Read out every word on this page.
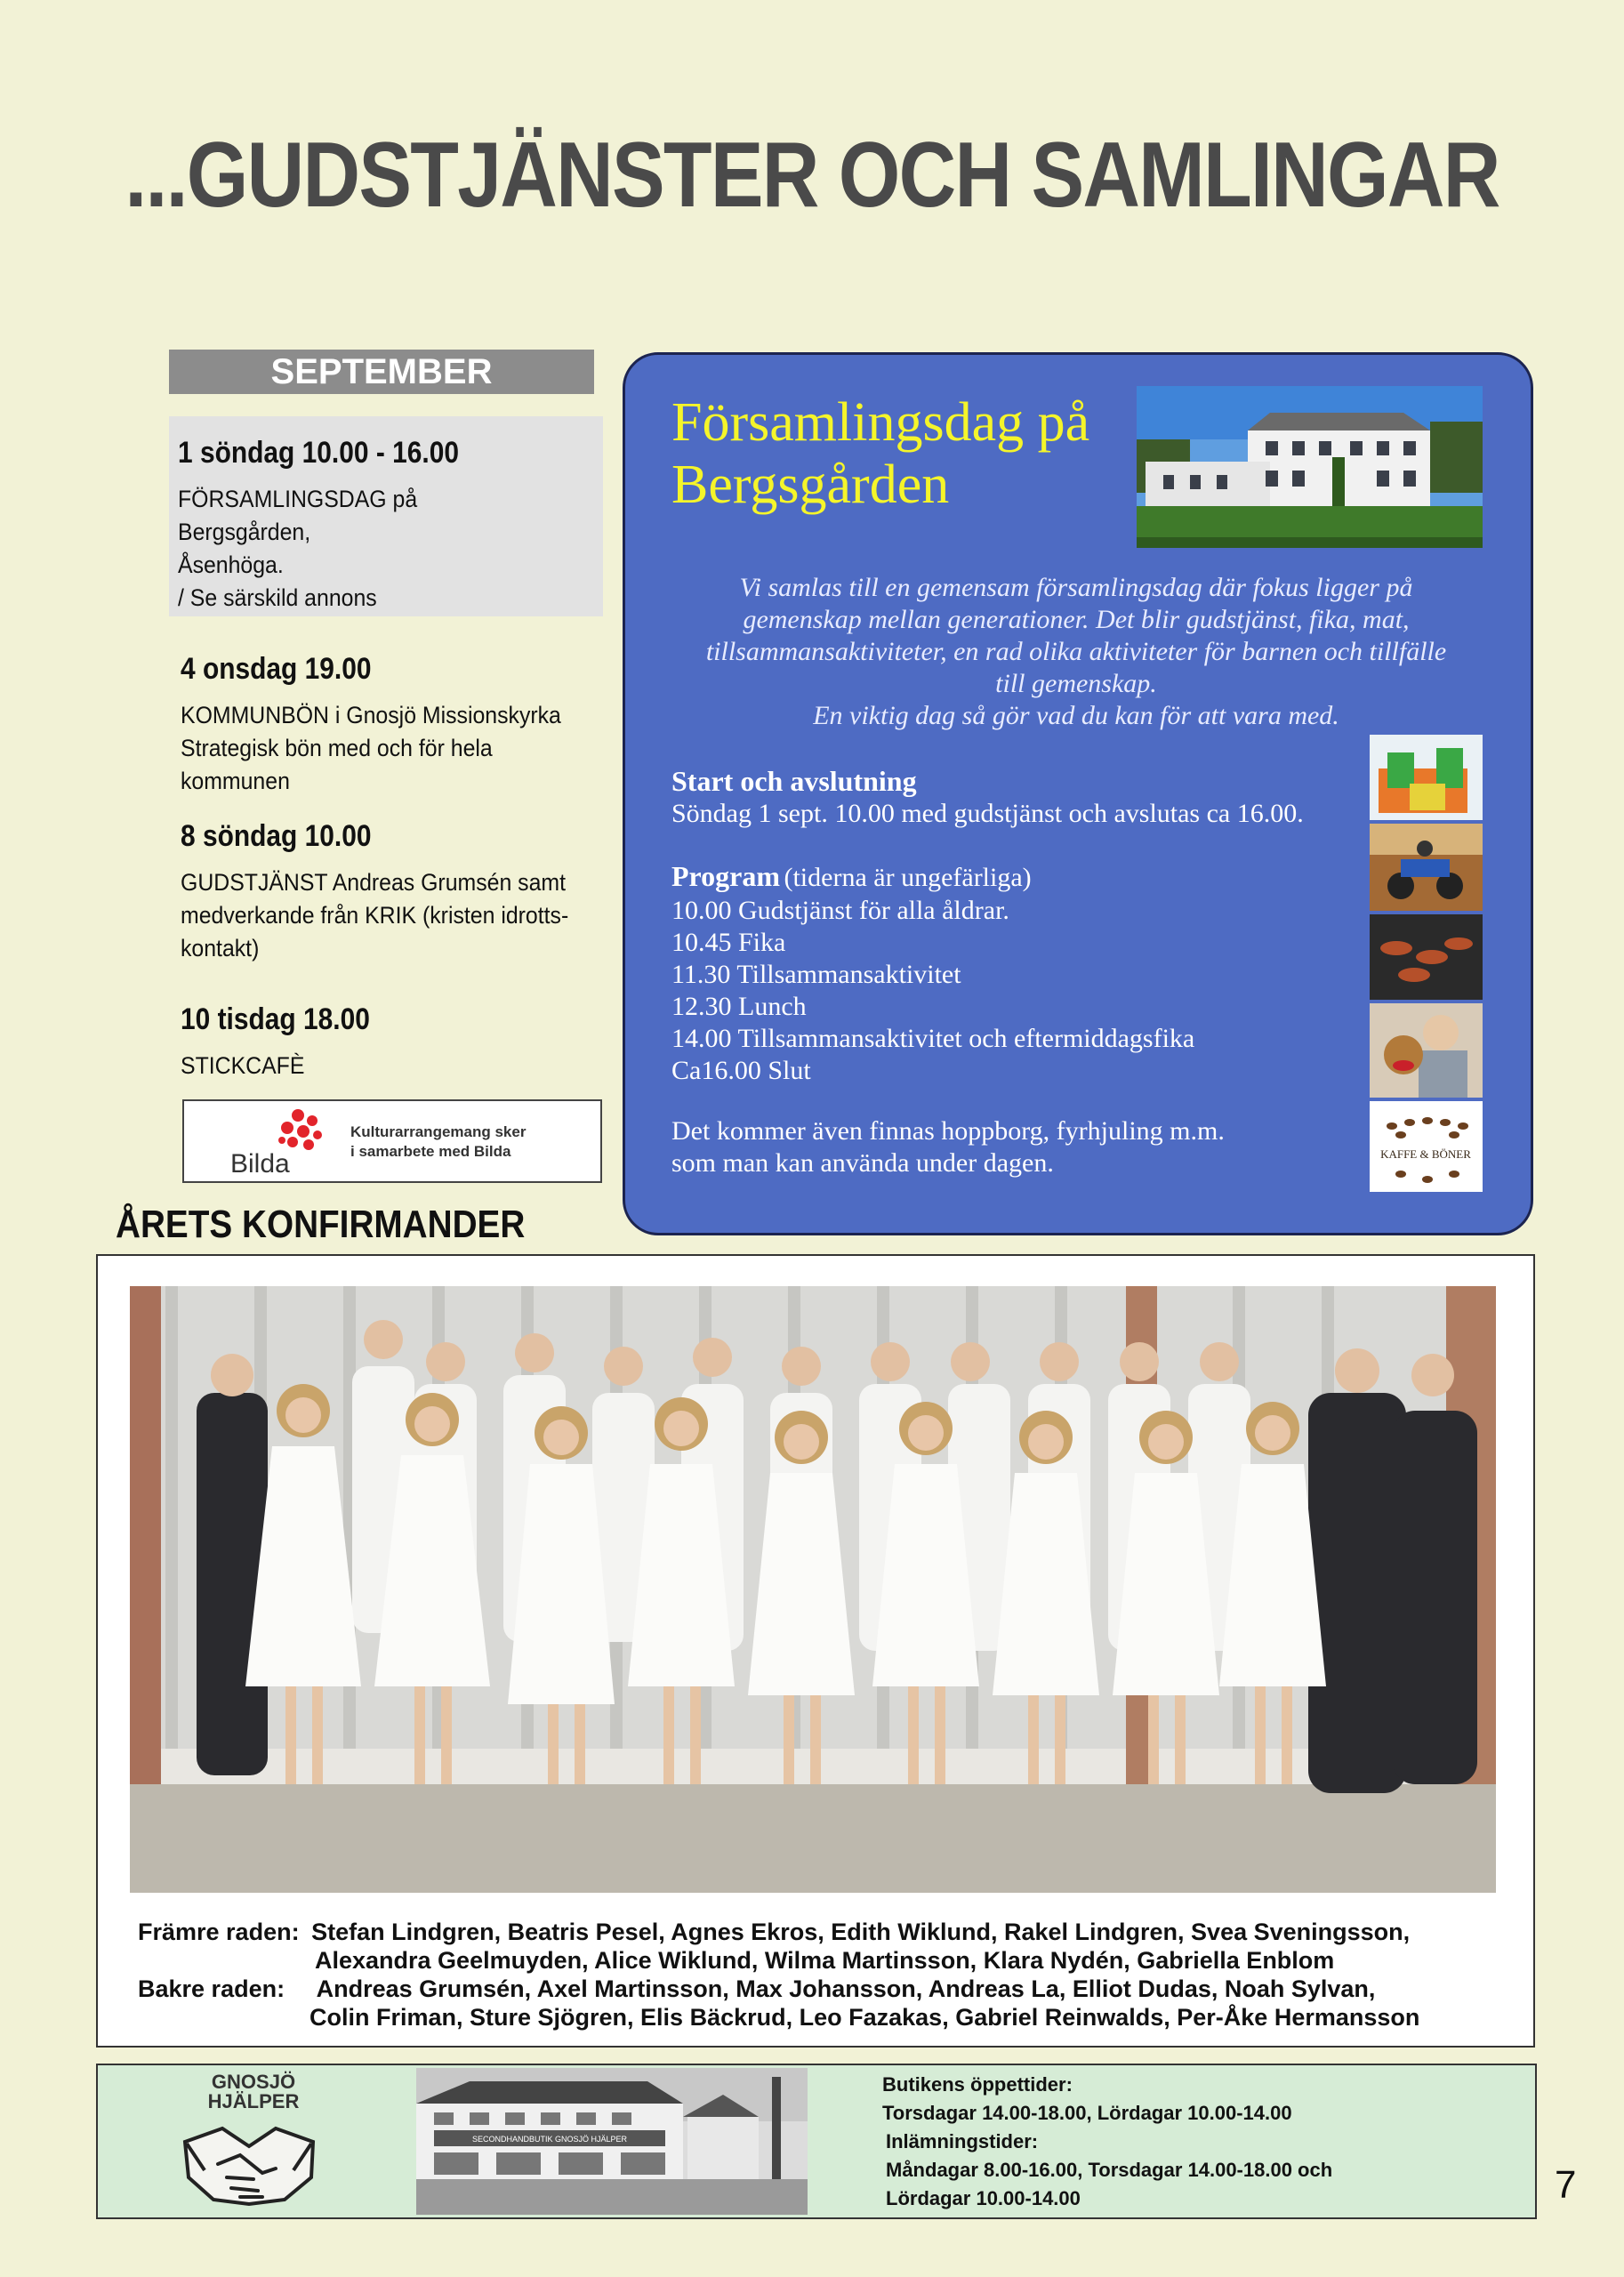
...GUDSTJÄNSTER OCH SAMLINGAR
SEPTEMBER
1 söndag 10.00 - 16.00
FÖRSAMLINGSDAG på Bergsgården,
Åsenhöga.
/ Se särskild annons
4 onsdag 19.00
KOMMUNBÖN i Gnosjö Missionskyrka
Strategisk bön med och för hela
kommunen
8 söndag 10.00
GUDSTJÄNST Andreas Grumsén samt
medverkande från KRIK (kristen idrotts-
kontakt)
10 tisdag 18.00
STICKCAFÈ
Bilda
Kulturarrangemang sker
i samarbete med Bilda
Församlingsdag på
Bergsgården
Vi samlas till en gemensam församlingsdag där fokus ligger på
gemenskap mellan generationer. Det blir gudstjänst, fika, mat,
tillsammansaktiviteter, en rad olika aktiviteter för barnen och tillfälle
till gemenskap.
En viktig dag så gör vad du kan för att vara med.
Start och avslutning
Söndag 1 sept. 10.00 med gudstjänst och avslutas ca 16.00.
Program (tiderna är ungefärliga)
10.00 Gudstjänst för alla åldrar.
10.45 Fika
11.30 Tillsammansaktivitet
12.30 Lunch
14.00 Tillsammansaktivitet och eftermiddagsfika
Ca16.00 Slut
Det kommer även finnas hoppborg, fyrhjuling m.m.
som man kan använda under dagen.	KAFFE & BÖNER
ÅRETS KONFIRMANDER
Främre raden: Stefan Lindgren, Beatris Pesel, Agnes Ekros, Edith Wiklund, Rakel Lindgren, Svea Sveningsson,
Alexandra Geelmuyden, Alice Wiklund, Wilma Martinsson, Klara Nydén, Gabriella Enblom
Bakre raden: Andreas Grumsén, Axel Martinsson, Max Johansson, Andreas La, Elliot Dudas, Noah Sylvan,
Colin Friman, Sture Sjögren, Elis Bäckrud, Leo Fazakas, Gabriel Reinwalds, Per-Åke Hermansson
GNOSJÖ
HJÄLPER
SECONDHANDBUTIK GNOSJÖ HJÄLPER
Butikens öppettider:
Torsdagar 14.00-18.00, Lördagar 10.00-14.00
Inlämningstider:
Måndagar 8.00-16.00, Torsdagar 14.00-18.00 och
Lördagar 10.00-14.00	7
